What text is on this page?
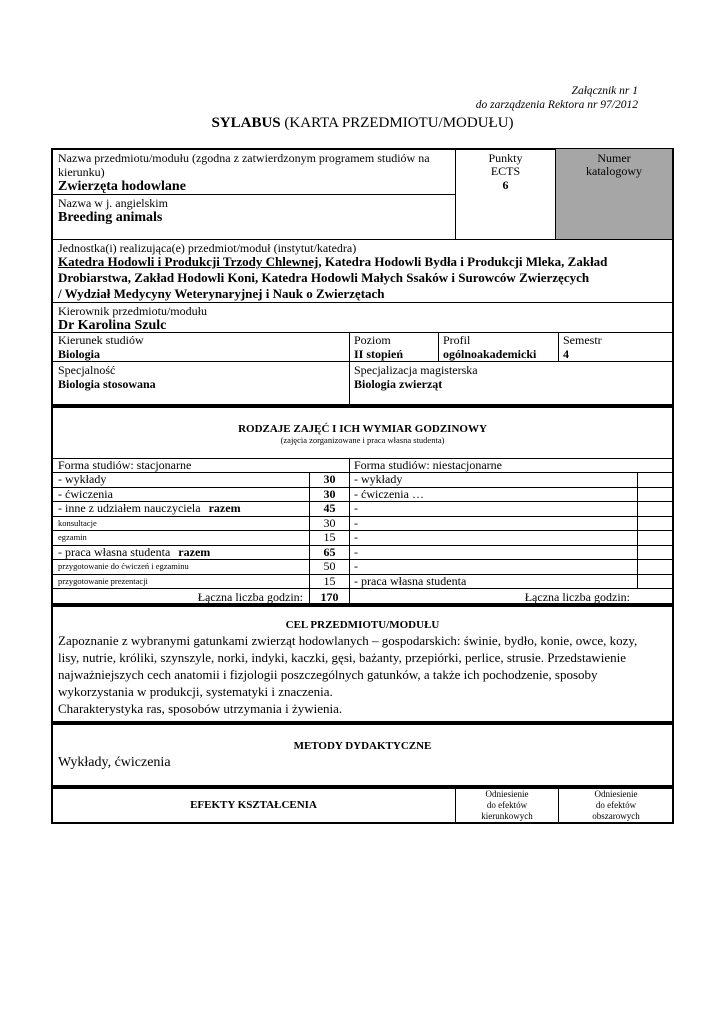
Załącznik nr 1
do zarządzenia Rektora nr 97/2012
SYLABUS (KARTA PRZEDMIOTU/MODUŁU)
Nazwa przedmiotu/modułu (zgodna z zatwierdzonym programem studiów na kierunku)
Zwierzęta hodowlane
Nazwa w j. angielskim
Breeding animals
Punkty
ECTS
6
Numer
katalogowy
Jednostka(i) realizująca(e) przedmiot/moduł (instytut/katedra)
Katedra Hodowli i Produkcji Trzody Chlewnej, Katedra Hodowli Bydła i Produkcji Mleka, Zakład
Drobiarstwa, Zakład Hodowli Koni, Katedra Hodowli Małych Ssaków i Surowców Zwierzęcych
/ Wydział Medycyny Weterynaryjnej i Nauk o Zwierzętach
Kierownik przedmiotu/modułu
Dr Karolina Szulc
Kierunek studiów
Biologia
Poziom
II stopień
Profil
ogólnoakademicki
Semestr
4
Specjalność
Biologia stosowana
Specjalizacja magisterska
Biologia zwierząt
RODZAJE ZAJĘĆ I ICH WYMIAR GODZINOWY
(zajęcia zorganizowane i praca własna studenta)
Forma studiów: stacjonarne	Forma studiów: niestacjonarne
- wykłady	30	- wykłady
- ćwiczenia	30	- ćwiczenia …
- inne z udziałem nauczyciela razem	45	-
konsultacje	30	-
egzamin	15	-
- praca własna studenta razem	65	-
przygotowanie do ćwiczeń i egzaminu	50	-
przygotowanie prezentacji	15	- praca własna studenta
Łączna liczba godzin:	170	Łączna liczba godzin:
CEL PRZEDMIOTU/MODUŁU
Zapoznanie z wybranymi gatunkami zwierząt hodowlanych – gospodarskich: świnie, bydło, konie, owce, kozy,
lisy, nutrie, króliki, szynszyle, norki, indyki, kaczki, gęsi, bażanty, przepiórki, perlice, strusie. Przedstawienie
najważniejszych cech anatomii i fizjologii poszczególnych gatunków, a także ich pochodzenie, sposoby
wykorzystania w produkcji, systematyki i znaczenia.
Charakterystyka ras, sposobów utrzymania i żywienia.
METODY DYDAKTYCZNE
Wykłady, ćwiczenia
EFEKTY KSZTAŁCENIA
Odniesienie
do efektów
kierunkowych
Odniesienie
do efektów
obszarowych
